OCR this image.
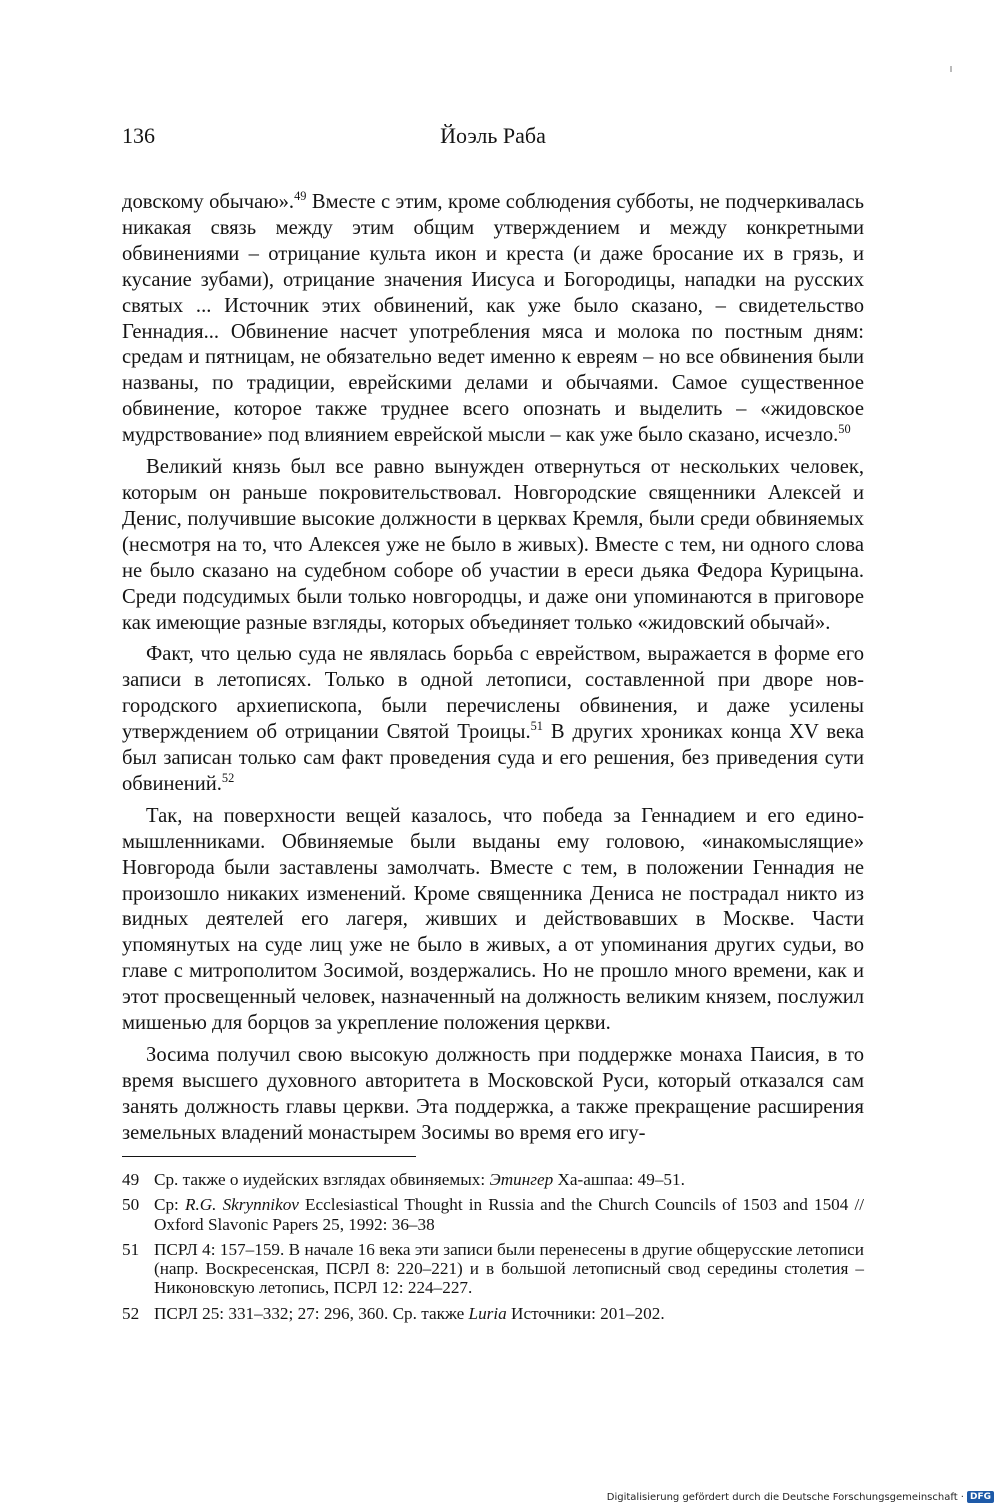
136	Йоэль Раба

довскому обычаю».$^{49}$ Вместе с этим, кроме соблюдения субботы, не подчеркивалась никакая связь между этим общим утверждением и между конкретными обвинениями – отрицание культа икон и креста (и даже бросание их в грязь, и кусание зубами), отрицание значения Иисуса и Богородицы, нападки на русских святых ... Источник этих обвинений, как уже было сказано, – свидетельство Геннадия... Обвинение насчет употребления мяса и молока по постным дням: средам и пятницам, не обязательно ведет именно к евреям – но все обвинения были названы, по традиции, еврейскими делами и обычаями. Самое существенное обвинение, которое также труднее всего опознать и выделить – «жидовское мудрствование» под влиянием еврейской мысли – как уже было сказано, исчезло.$^{50}$

Великий князь был все равно вынужден отвернуться от нескольких человек, которым он раньше покровительствовал. Новгородские священники Алексей и Денис, получившие высокие должности в церквах Кремля, были среди обвиняемых (несмотря на то, что Алексея уже не было в живых). Вместе с тем, ни одного слова не было сказано на судебном соборе об участии в ереси дьяка Федора Курицына. Среди подсудимых были только новгородцы, и даже они упоминаются в приговоре как имеющие разные взгляды, которых объединяет только «жидовский обычай».

Факт, что целью суда не являлась борьба с еврейством, выражается в форме его записи в летописях. Только в одной летописи, составленной при дворе новгородского архиепископа, были перечислены обвинения, и даже усилены утверждением об отрицании Святой Троицы.$^{51}$ В других хрониках конца XV века был записан только сам факт проведения суда и его решения, без приведения сути обвинений.$^{52}$

Так, на поверхности вещей казалось, что победа за Геннадием и его единомышленниками. Обвиняемые были выданы ему головою, «инакомыслящие» Новгорода были заставлены замолчать. Вместе с тем, в положении Геннадия не произошло никаких изменений. Кроме священника Дениса не пострадал никто из видных деятелей его лагеря, живших и действовавших в Москве. Части упомянутых на суде лиц уже не было в живых, а от упоминания других судьи, во главе с митрополитом Зосимой, воздержались. Но не прошло много времени, как и этот просвещенный человек, назначенный на должность великим князем, послужил мишенью для борцов за укрепление положения церкви.

Зосима получил свою высокую должность при поддержке монаха Паисия, в то время высшего духовного авторитета в Московской Руси, который отказался сам занять должность главы церкви. Эта поддержка, а также прекращение расширения земельных владений монастырем Зосимы во время его игу-

49 Ср. также о иудейских взглядах обвиняемых: Этингер Ха-ашпаа: 49–51.
50 Ср: R.G. Skrynnikov Ecclesiastical Thought in Russia and the Church Councils of 1503 and 1504 // Oxford Slavonic Papers 25, 1992: 36–38
51 ПСРЛ 4: 157–159. В начале 16 века эти записи были перенесены в другие общерусские летописи (напр. Воскресенская, ПСРЛ 8: 220–221) и в большой летописный свод середины столетия – Никоновскую летопись, ПСРЛ 12: 224–227.
52 ПСРЛ 25: 331–332; 27: 296, 360. Ср. также Luria Источники: 201–202.
Digitalisierung gefördert durch die Deutsche Forschungsgemeinschaft · DFG
